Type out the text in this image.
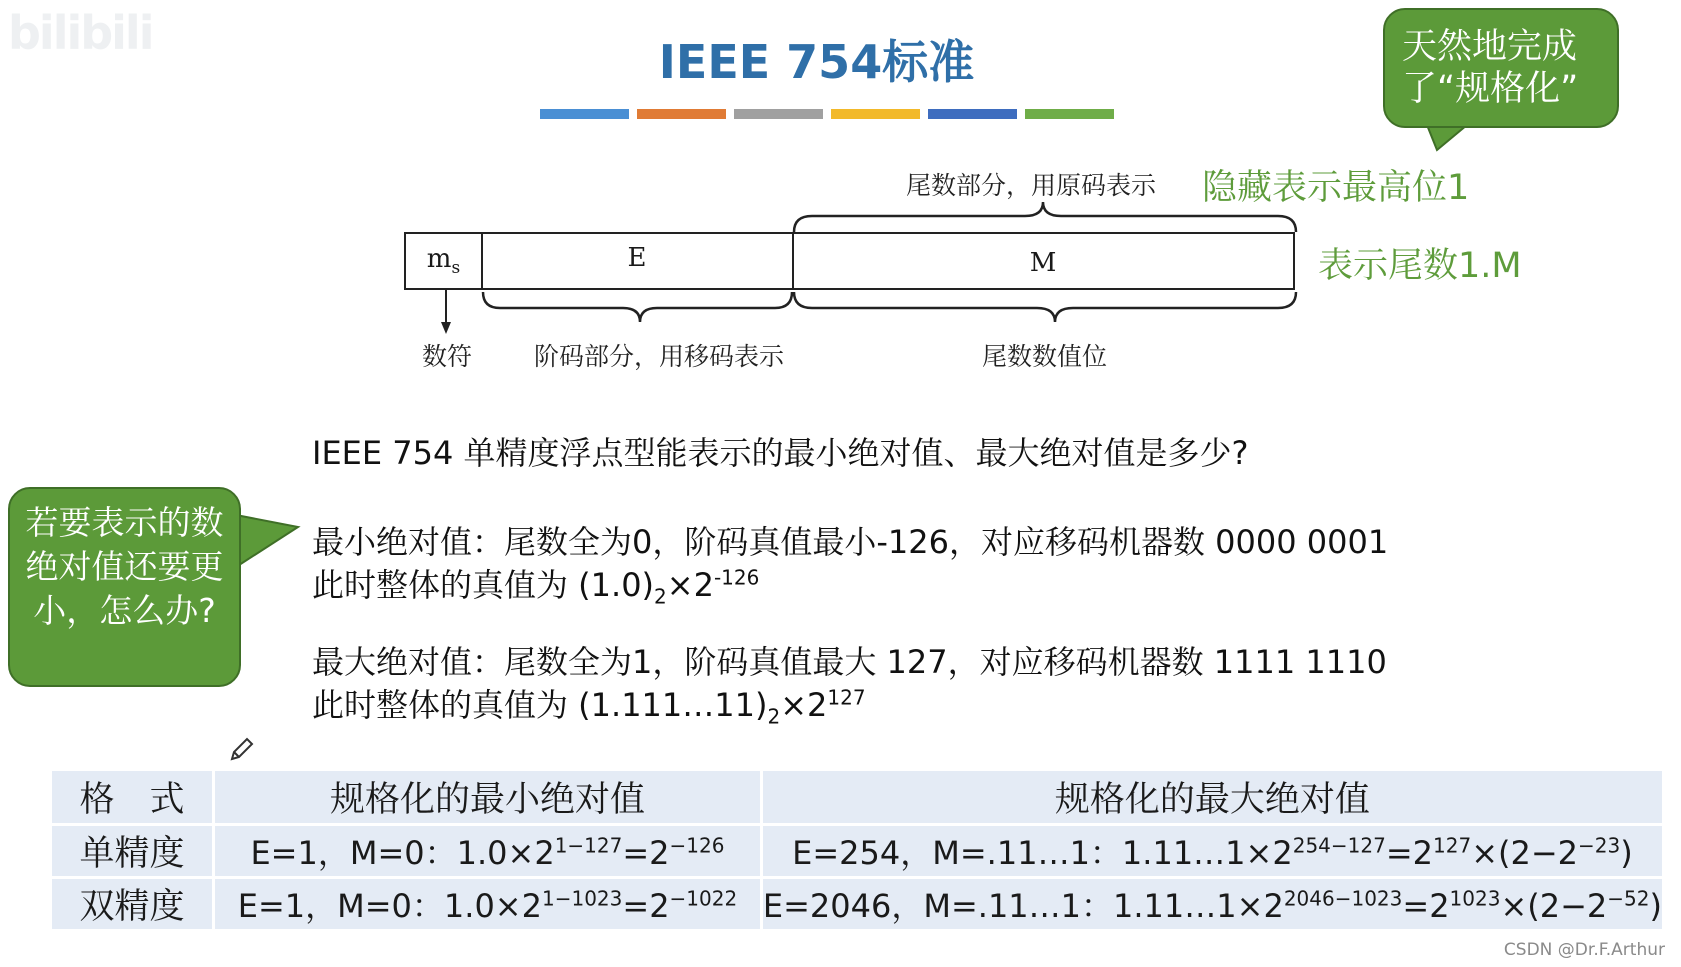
bilibili
IEEE 754标准	天然地完成
了“规格化”
若要表示的数绝对值还要更小，怎么办?
$m_s$	E	M
尾数部分，用原码表示 隐藏表示最高位1
表示尾数1.M
数符 阶码部分，用移码表示	尾数数值位
IEEE 754 单精度浮点型能表示的最小绝对值、最大绝对值是多少?
最小绝对值：尾数全为0，阶码真值最小-126，对应移码机器数 0000 0001
此时整体的真值为 $(1.0)_2\times 2^{-126}$
最大绝对值：尾数全为1，阶码真值最大 127，对应移码机器数 1111 1110
此时整体的真值为 $(1.111\dots 11)_2\times 2^{127}$
格　式	规格化的最小绝对值	规格化的最大绝对值
单精度	E=1，M=0：$1.0\times 2^{1-127}=2^{-126}$	E=254，M=.11…1：$1.11\dots 1\times 2^{254-127}=2^{127}\times(2-2^{-23})$
双精度	E=1，M=0：$1.0\times 2^{1-1023}=2^{-1022}$	E=2046，M=.11…1：$1.11\dots 1\times 2^{2046-1023}=2^{1023}\times(2-2^{-52})$
CSDN @Dr.F.Arthur
